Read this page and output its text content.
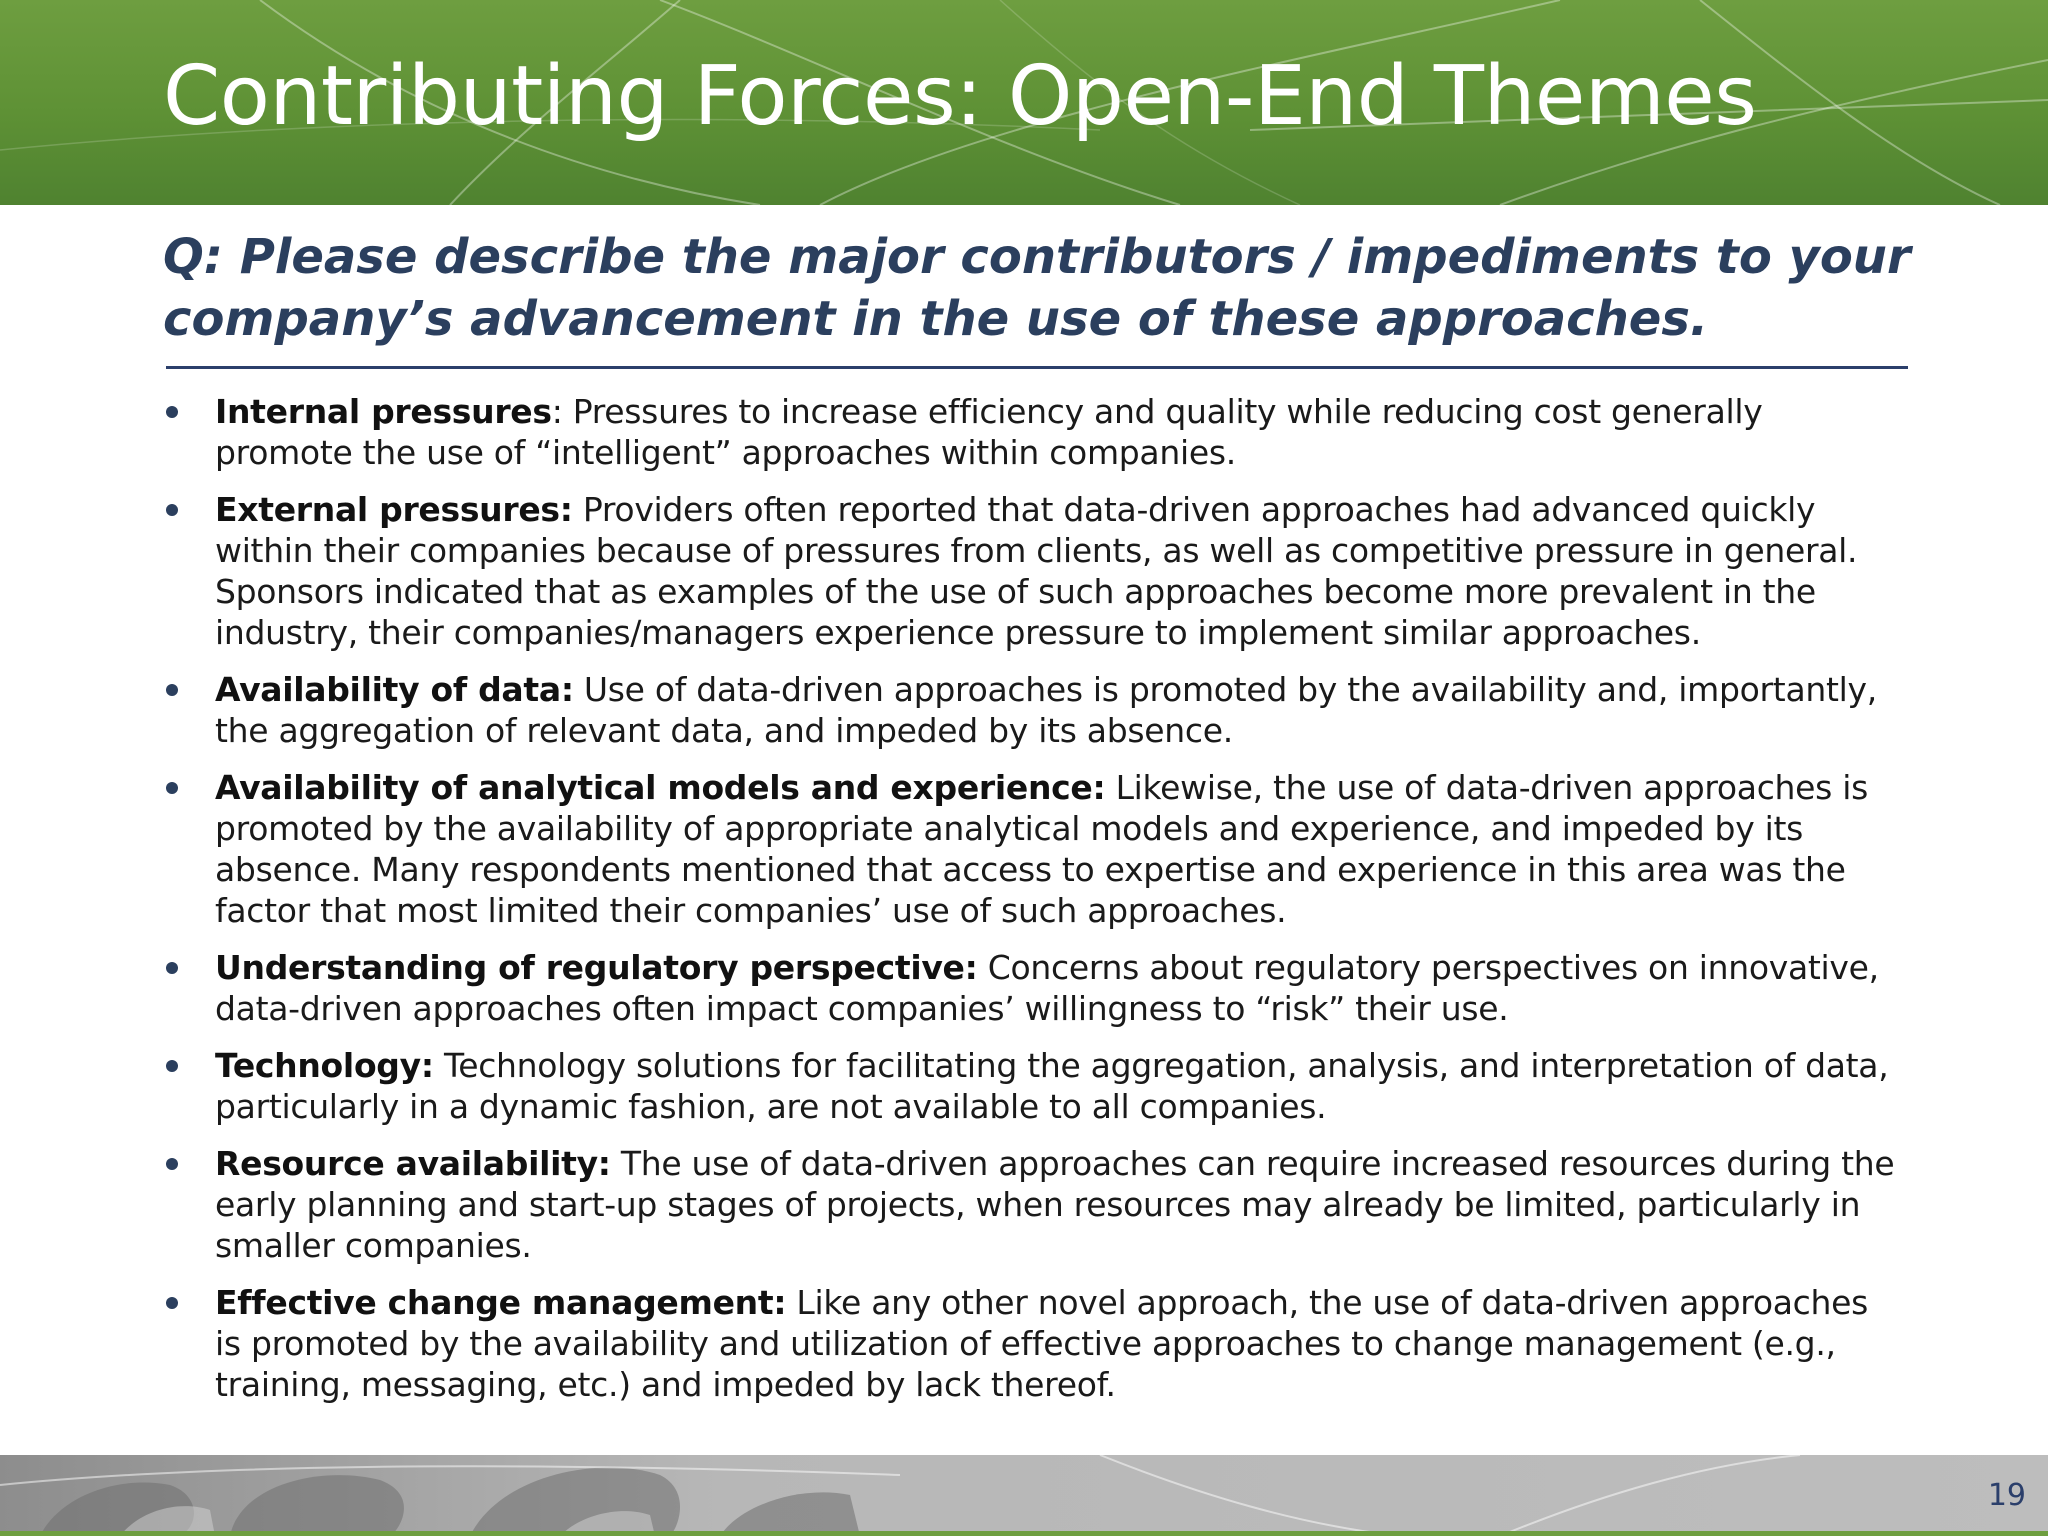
Contributing Forces: Open-End Themes
Q: Please describe the major contributors / impediments to your company’s advancement in the use of these approaches.
Internal pressures: Pressures to increase efficiency and quality while reducing cost generally promote the use of “intelligent” approaches within companies.
External pressures: Providers often reported that data-driven approaches had advanced quickly within their companies because of pressures from clients, as well as competitive pressure in general. Sponsors indicated that as examples of the use of such approaches become more prevalent in the industry, their companies/managers experience pressure to implement similar approaches.
Availability of data: Use of data-driven approaches is promoted by the availability and, importantly, the aggregation of relevant data, and impeded by its absence.
Availability of analytical models and experience: Likewise, the use of data-driven approaches is promoted by the availability of appropriate analytical models and experience, and impeded by its absence. Many respondents mentioned that access to expertise and experience in this area was the factor that most limited their companies’ use of such approaches.
Understanding of regulatory perspective: Concerns about regulatory perspectives on innovative, data-driven approaches often impact companies’ willingness to “risk” their use.
Technology: Technology solutions for facilitating the aggregation, analysis, and interpretation of data, particularly in a dynamic fashion, are not available to all companies.
Resource availability: The use of data-driven approaches can require increased resources during the early planning and start-up stages of projects, when resources may already be limited, particularly in smaller companies.
Effective change management: Like any other novel approach, the use of data-driven approaches is promoted by the availability and utilization of effective approaches to change management (e.g., training, messaging, etc.) and impeded by lack thereof.
19
